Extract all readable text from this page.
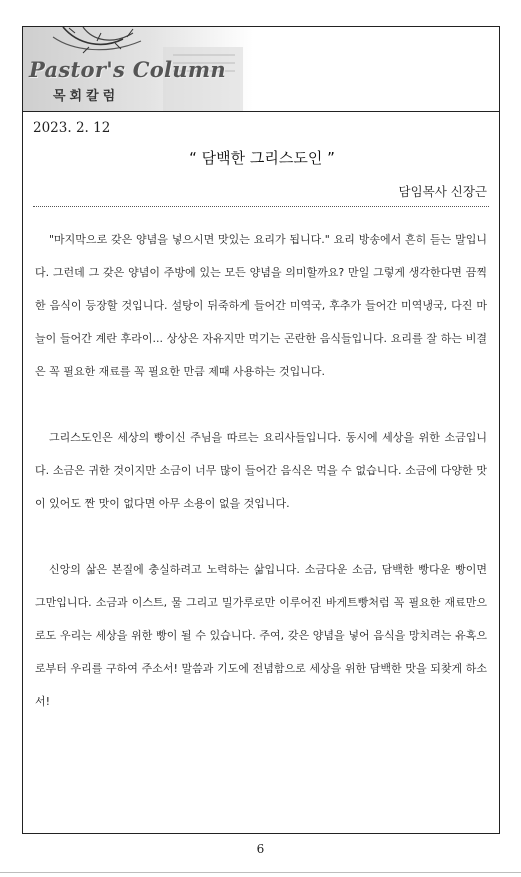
Pastor's Column
목회칼럼
2023. 2. 12
“ 담백한 그리스도인 ”
담임목사 신장근

"마지막으로 갖은 양념을 넣으시면 맛있는 요리가 됩니다." 요리 방송에서 흔히 듣는 말입니다. 그런데 그 갖은 양념이 주방에 있는 모든 양념을 의미할까요? 만일 그렇게 생각한다면 끔찍한 음식이 등장할 것입니다. 설탕이 뒤죽하게 들어간 미역국, 후추가 들어간 미역냉국, 다진 마늘이 들어간 계란 후라이... 상상은 자유지만 먹기는 곤란한 음식들입니다. 요리를 잘 하는 비결은 꼭 필요한 재료를 꼭 필요한 만큼 제때 사용하는 것입니다.

그리스도인은 세상의 빵이신 주님을 따르는 요리사들입니다. 동시에 세상을 위한 소금입니다. 소금은 귀한 것이지만 소금이 너무 많이 들어간 음식은 먹을 수 없습니다. 소금에 다양한 맛이 있어도 짠 맛이 없다면 아무 소용이 없을 것입니다.

신앙의 삶은 본질에 충실하려고 노력하는 삶입니다. 소금다운 소금, 담백한 빵다운 빵이면 그만입니다. 소금과 이스트, 물 그리고 밀가루로만 이루어진 바게트빵처럼 꼭 필요한 재료만으로도 우리는 세상을 위한 빵이 될 수 있습니다. 주여, 갖은 양념을 넣어 음식을 망치려는 유혹으로부터 우리를 구하여 주소서! 말씀과 기도에 전념함으로 세상을 위한 담백한 맛을 되찾게 하소서!

6
